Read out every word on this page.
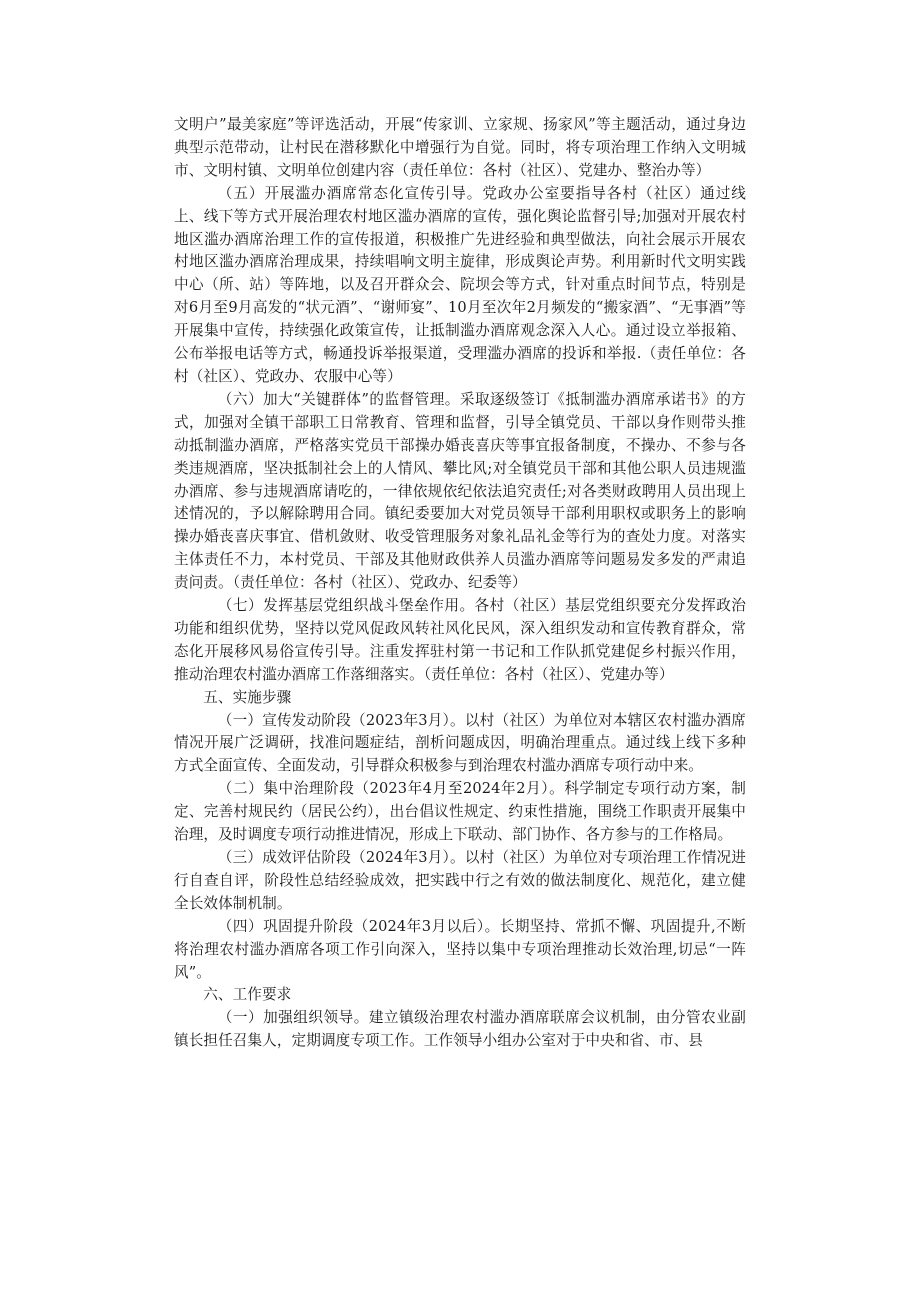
文明户”最美家庭”等评选活动，开展“传家训、立家规、扬家风”等主题活动，通过身边典型示范带动，让村民在潜移默化中增强行为自觉。同时，将专项治理工作纳入文明城市、文明村镇、文明单位创建内容（责任单位：各村（社区）、党建办、整治办等）

（五）开展滥办酒席常态化宣传引导。党政办公室要指导各村（社区）通过线上、线下等方式开展治理农村地区滥办酒席的宣传，强化舆论监督引导;加强对开展农村地区滥办酒席治理工作的宣传报道，积极推广先进经验和典型做法，向社会展示开展农村地区滥办酒席治理成果，持续唱响文明主旋律，形成舆论声势。利用新时代文明实践中心（所、站）等阵地，以及召开群众会、院坝会等方式，针对重点时间节点，特别是对6月至9月高发的“状元酒”、“谢师宴”、10月至次年2月频发的“搬家酒”、“无事酒”等开展集中宣传，持续强化政策宣传，让抵制滥办酒席观念深入人心。通过设立举报箱、公布举报电话等方式，畅通投诉举报渠道，受理滥办酒席的投诉和举报.（责任单位：各村（社区）、党政办、农服中心等）

（六）加大“关键群体”的监督管理。采取逐级签订《抵制滥办酒席承诺书》的方式，加强对全镇干部职工日常教育、管理和监督，引导全镇党员、干部以身作则带头推动抵制滥办酒席，严格落实党员干部操办婚丧喜庆等事宜报备制度，不操办、不参与各类违规酒席，坚决抵制社会上的人情风、攀比风;对全镇党员干部和其他公职人员违规滥办酒席、参与违规酒席请吃的，一律依规依纪依法追究责任;对各类财政聘用人员出现上述情况的，予以解除聘用合同。镇纪委要加大对党员领导干部利用职权或职务上的影响操办婚丧喜庆事宜、借机敛财、收受管理服务对象礼品礼金等行为的查处力度。对落实主体责任不力，本村党员、干部及其他财政供养人员滥办酒席等问题易发多发的严肃追责问责。（责任单位：各村（社区）、党政办、纪委等）

（七）发挥基层党组织战斗堡垒作用。各村（社区）基层党组织要充分发挥政治功能和组织优势，坚持以党风促政风转社风化民风，深入组织发动和宣传教育群众，常态化开展移风易俗宣传引导。注重发挥驻村第一书记和工作队抓党建促乡村振兴作用，推动治理农村滥办酒席工作落细落实。（责任单位：各村（社区）、党建办等）

五、实施步骤

（一）宣传发动阶段（2023年3月）。以村（社区）为单位对本辖区农村滥办酒席情况开展广泛调研，找准问题症结，剖析问题成因，明确治理重点。通过线上线下多种方式全面宣传、全面发动，引导群众积极参与到治理农村滥办酒席专项行动中来。

（二）集中治理阶段（2023年4月至2024年2月）。科学制定专项行动方案，制定、完善村规民约（居民公约），出台倡议性规定、约束性措施，围绕工作职责开展集中治理，及时调度专项行动推进情况，形成上下联动、部门协作、各方参与的工作格局。

（三）成效评估阶段（2024年3月）。以村（社区）为单位对专项治理工作情况进行自查自评，阶段性总结经验成效，把实践中行之有效的做法制度化、规范化，建立健全长效体制机制。

（四）巩固提升阶段（2024年3月以后）。长期坚持、常抓不懈、巩固提升,不断将治理农村滥办酒席各项工作引向深入，坚持以集中专项治理推动长效治理,切忌“一阵风”。

六、工作要求

（一）加强组织领导。建立镇级治理农村滥办酒席联席会议机制，由分管农业副镇长担任召集人，定期调度专项工作。工作领导小组办公室对于中央和省、市、县
